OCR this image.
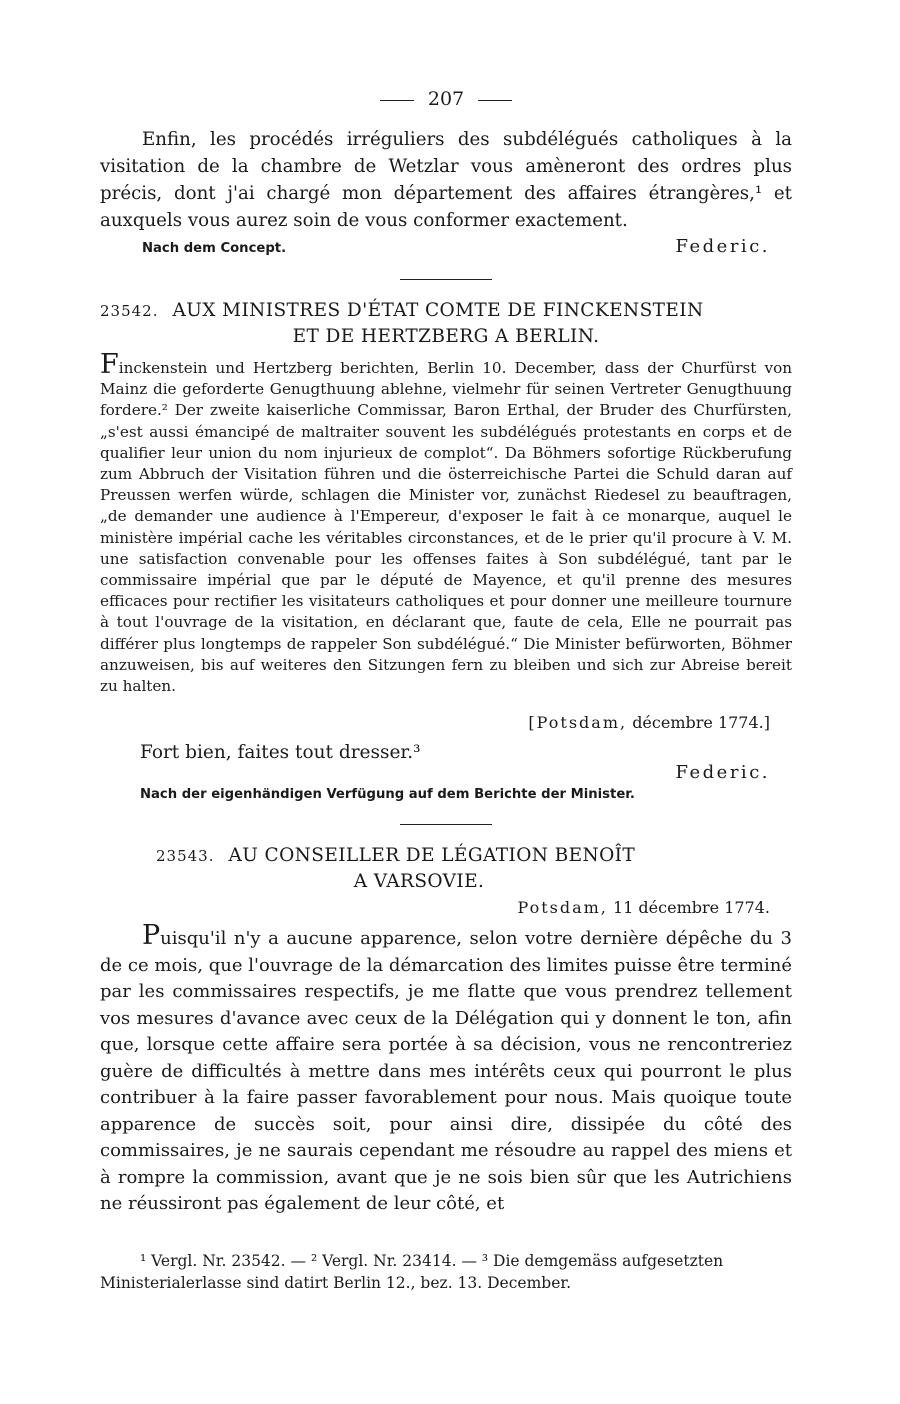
207

Enfin, les procédés irréguliers des subdélégués catholiques à la visitation de la chambre de Wetzlar vous amèneront des ordres plus précis, dont j'ai chargé mon département des affaires étrangères,¹ et auxquels vous aurez soin de vous conformer exactement.

Nach dem Concept.	Federic.
23542. AUX MINISTRES D'ÉTAT COMTE DE FINCKENSTEIN
ET DE HERTZBERG A BERLIN.

Finckenstein und Hertzberg berichten, Berlin 10. December, dass der Churfürst von Mainz die geforderte Genugthuung ablehne, vielmehr für seinen Vertreter Genugthuung fordere.² Der zweite kaiserliche Commissar, Baron Erthal, der Bruder des Churfürsten, „s'est aussi émancipé de maltraiter souvent les subdélégués protestants en corps et de qualifier leur union du nom injurieux de complot“. Da Böhmers sofortige Rückberufung zum Abbruch der Visitation führen und die österreichische Partei die Schuld daran auf Preussen werfen würde, schlagen die Minister vor, zunächst Riedesel zu beauftragen, „de demander une audience à l'Empereur, d'exposer le fait à ce monarque, auquel le ministère impérial cache les véritables circonstances, et de le prier qu'il procure à V. M. une satisfaction convenable pour les offenses faites à Son subdélégué, tant par le commissaire impérial que par le député de Mayence, et qu'il prenne des mesures efficaces pour rectifier les visitateurs catholiques et pour donner une meilleure tournure à tout l'ouvrage de la visitation, en déclarant que, faute de cela, Elle ne pourrait pas différer plus longtemps de rappeler Son subdélégué.“ Die Minister befürworten, Böhmer anzuweisen, bis auf weiteres den Sitzungen fern zu bleiben und sich zur Abreise bereit zu halten.

[Potsdam, décembre 1774.]
Fort bien, faites tout dresser.³
Federic.
Nach der eigenhändigen Verfügung auf dem Berichte der Minister.
23543. AU CONSEILLER DE LÉGATION BENOÎT
A VARSOVIE.
Potsdam, 11 décembre 1774.

Puisqu'il n'y a aucune apparence, selon votre dernière dépêche du 3 de ce mois, que l'ouvrage de la démarcation des limites puisse être terminé par les commissaires respectifs, je me flatte que vous prendrez tellement vos mesures d'avance avec ceux de la Délégation qui y donnent le ton, afin que, lorsque cette affaire sera portée à sa décision, vous ne rencontreriez guère de difficultés à mettre dans mes intérêts ceux qui pourront le plus contribuer à la faire passer favorablement pour nous. Mais quoique toute apparence de succès soit, pour ainsi dire, dissipée du côté des commissaires, je ne saurais cependant me résoudre au rappel des miens et à rompre la commission, avant que je ne sois bien sûr que les Autrichiens ne réussiront pas également de leur côté, et

¹ Vergl. Nr. 23542. — ² Vergl. Nr. 23414. — ³ Die demgemäss aufgesetzten
Ministerialerlasse sind datirt Berlin 12., bez. 13. December.
